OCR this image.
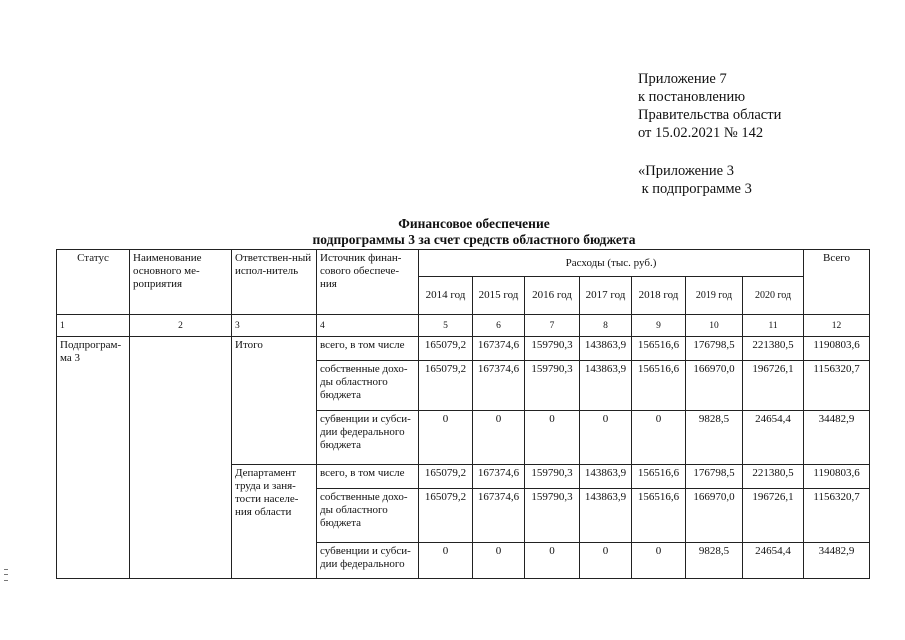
Приложение 7
к постановлению
Правительства области
от 15.02.2021 № 142
«Приложение 3
к подпрограмме 3
Финансовое обеспечение
подпрограммы 3 за счет средств областного бюджета
Статус	Наименование основного ме-роприятия	Ответствен-ный испол-нитель	Источник финан-сового обеспече-ния	Расходы (тыс. руб.)							Всего
				2014 год	2015 год	2016 год	2017 год	2018 год	2019 год	2020 год	
1	2	3	4	5	6	7	8	9	10	11	12
Подпрограм-ма 3		Итого	всего, в том числе	165079,2	167374,6	159790,3	143863,9	156516,6	176798,5	221380,5	1190803,6
			собственные дохо-ды областного бюджета	165079,2	167374,6	159790,3	143863,9	156516,6	166970,0	196726,1	1156320,7
			субвенции и субси-дии федерального бюджета	0	0	0	0	0	9828,5	24654,4	34482,9
		Департамент труда и заня-тости населе-ния области	всего, в том числе	165079,2	167374,6	159790,3	143863,9	156516,6	176798,5	221380,5	1190803,6
			собственные дохо-ды областного бюджета	165079,2	167374,6	159790,3	143863,9	156516,6	166970,0	196726,1	1156320,7
			субвенции и субси-дии федерального	0	0	0	0	0	9828,5	24654,4	34482,9
